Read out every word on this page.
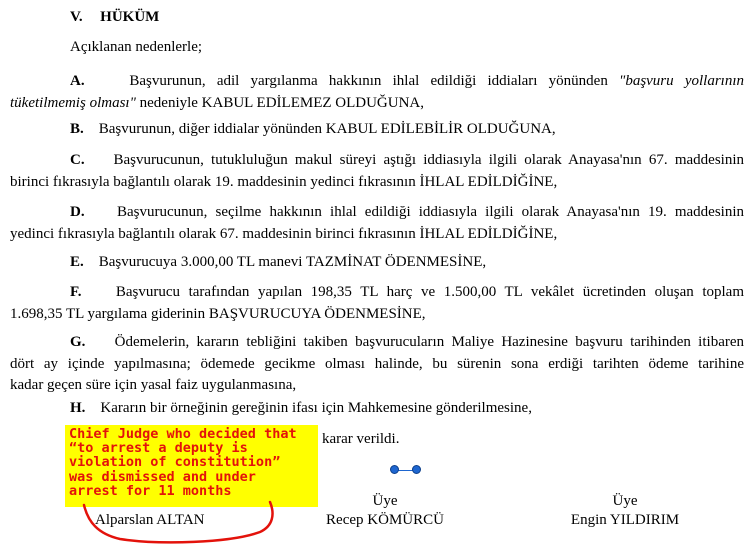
V. HÜKÜM
Açıklanan nedenlerle;
A.	Başvurunun, adil yargılanma hakkının ihlal edildiği iddiaları yönünden "başvuru yollarının
tüketilmemiş olması" nedeniyle KABUL EDİLEMEZ OLDUĞUNA,
B. Başvurunun, diğer iddialar yönünden KABUL EDİLEBİLİR OLDUĞUNA,
C. Başvurucunun, tutukluluğun makul süreyi aştığı iddiasıyla ilgili olarak Anayasa'nın 67. maddesinin
birinci fıkrasıyla bağlantılı olarak 19. maddesinin yedinci fıkrasının İHLAL EDİLDİĞİNE,
D. Başvurucunun, seçilme hakkının ihlal edildiği iddiasıyla ilgili olarak Anayasa'nın 19. maddesinin
yedinci fıkrasıyla bağlantılı olarak 67. maddesinin birinci fıkrasının İHLAL EDİLDİĞİNE,
E. Başvurucuya 3.000,00 TL manevi TAZMİNAT ÖDENMESİNE,
F. Başvurucu tarafından yapılan 198,35 TL harç ve 1.500,00 TL vekâlet ücretinden oluşan toplam
1.698,35 TL yargılama giderinin BAŞVURUCUYA ÖDENMESİNE,
G. Ödemelerin, kararın tebliğini takiben başvurucuların Maliye Hazinesine başvuru tarihinden itibaren
dört ay içinde yapılmasına; ödemede gecikme olması halinde, bu sürenin sona erdiği tarihten ödeme tarihine
kadar geçen süre için yasal faiz uygulanmasına,
H. Kararın bir örneğinin gereğinin ifası için Mahkemesine gönderilmesine,
karar verildi.
Chief Judge who decided that
“to arrest a deputy is
violation of constitution”
was dismissed and under
arrest for 11 months
Alparslan ALTAN
Üye
Recep KÖMÜRCÜ
Üye
Engin YILDIRIM
